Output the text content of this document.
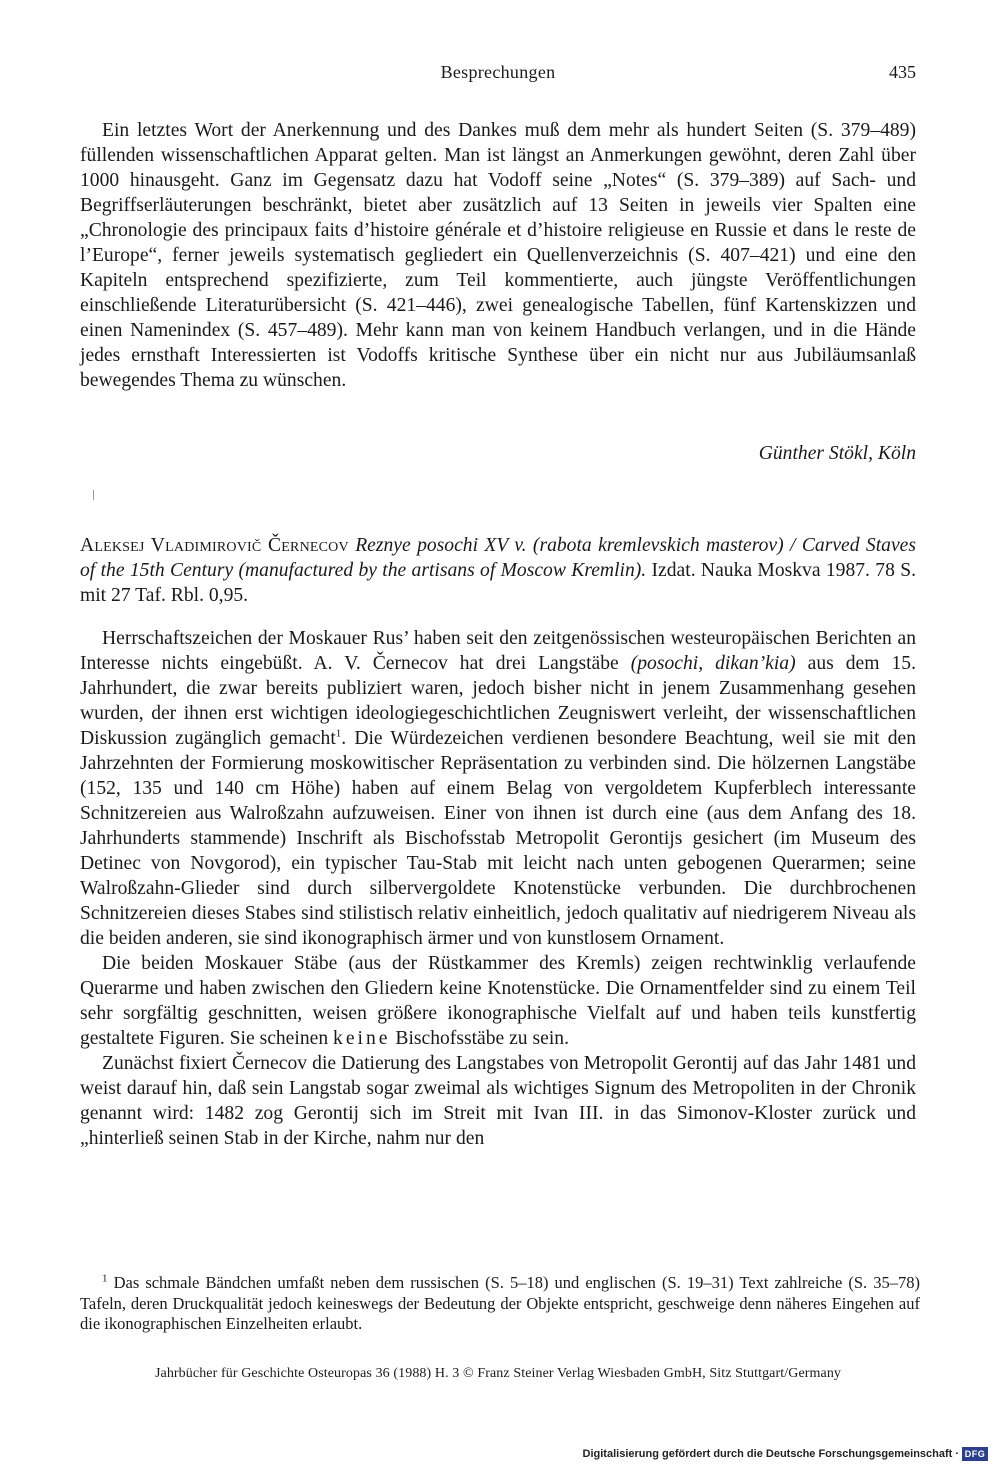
Besprechungen	435

Ein letztes Wort der Anerkennung und des Dankes muß dem mehr als hundert Seiten (S. 379–489) füllenden wissenschaftlichen Apparat gelten. Man ist längst an Anmerkungen gewöhnt, deren Zahl über 1000 hinausgeht. Ganz im Gegensatz dazu hat Vodoff seine „Notes“ (S. 379–389) auf Sach- und Begriffserläuterungen beschränkt, bietet aber zusätzlich auf 13 Seiten in jeweils vier Spalten eine „Chronologie des principaux faits d’histoire générale et d’histoire religieuse en Russie et dans le reste de l’Europe“, ferner jeweils systematisch gegliedert ein Quellenverzeichnis (S. 407–421) und eine den Kapiteln entsprechend spezifizierte, zum Teil kommentierte, auch jüngste Veröffentlichungen einschließende Literaturübersicht (S. 421–446), zwei genealogische Tabellen, fünf Kartenskizzen und einen Namenindex (S. 457–489). Mehr kann man von keinem Handbuch verlangen, und in die Hände jedes ernsthaft Interessierten ist Vodoffs kritische Synthese über ein nicht nur aus Jubiläumsanlaß bewegendes Thema zu wünschen.

Günther Stökl, Köln
Aleksej Vladimirovič Černecov Reznye posochi XV v. (rabota kremlevskich masterov) / Carved Staves of the 15th Century (manufactured by the artisans of Moscow Kremlin). Izdat. Nauka Moskva 1987. 78 S. mit 27 Taf. Rbl. 0,95.

Herrschaftszeichen der Moskauer Rus’ haben seit den zeitgenössischen westeuropäischen Berichten an Interesse nichts eingebüßt. A. V. Černecov hat drei Langstäbe (posochi, dikan’kia) aus dem 15. Jahrhundert, die zwar bereits publiziert waren, jedoch bisher nicht in jenem Zusammenhang gesehen wurden, der ihnen erst wichtigen ideologiegeschichtlichen Zeugniswert verleiht, der wissenschaftlichen Diskussion zugänglich gemacht$^1$. Die Würdezeichen verdienen besondere Beachtung, weil sie mit den Jahrzehnten der Formierung moskowitischer Repräsentation zu verbinden sind. Die hölzernen Langstäbe (152, 135 und 140 cm Höhe) haben auf einem Belag von vergoldetem Kupferblech interessante Schnitzereien aus Walroßzahn aufzuweisen. Einer von ihnen ist durch eine (aus dem Anfang des 18. Jahrhunderts stammende) Inschrift als Bischofsstab Metropolit Gerontijs gesichert (im Museum des Detinec von Novgorod), ein typischer Tau-Stab mit leicht nach unten gebogenen Querarmen; seine Walroßzahn-Glieder sind durch silbervergoldete Knotenstücke verbunden. Die durchbrochenen Schnitzereien dieses Stabes sind stilistisch relativ einheitlich, jedoch qualitativ auf niedrigerem Niveau als die beiden anderen, sie sind ikonographisch ärmer und von kunstlosem Ornament.

Die beiden Moskauer Stäbe (aus der Rüstkammer des Kremls) zeigen rechtwinklig verlaufende Querarme und haben zwischen den Gliedern keine Knotenstücke. Die Ornamentfelder sind zu einem Teil sehr sorgfältig geschnitten, weisen größere ikonographische Vielfalt auf und haben teils kunstfertig gestaltete Figuren. Sie scheinen keine Bischofsstäbe zu sein.

Zunächst fixiert Černecov die Datierung des Langstabes von Metropolit Gerontij auf das Jahr 1481 und weist darauf hin, daß sein Langstab sogar zweimal als wichtiges Signum des Metropoliten in der Chronik genannt wird: 1482 zog Gerontij sich im Streit mit Ivan III. in das Simonov-Kloster zurück und „hinterließ seinen Stab in der Kirche, nahm nur den

$^1$ Das schmale Bändchen umfaßt neben dem russischen (S. 5–18) und englischen (S. 19–31) Text zahlreiche (S. 35–78) Tafeln, deren Druckqualität jedoch keineswegs der Bedeutung der Objekte entspricht, geschweige denn näheres Eingehen auf die ikonographischen Einzelheiten erlaubt.

Jahrbücher für Geschichte Osteuropas 36 (1988) H. 3 © Franz Steiner Verlag Wiesbaden GmbH, Sitz Stuttgart/Germany
Digitalisierung gefördert durch die Deutsche Forschungsgemeinschaft · DFG
